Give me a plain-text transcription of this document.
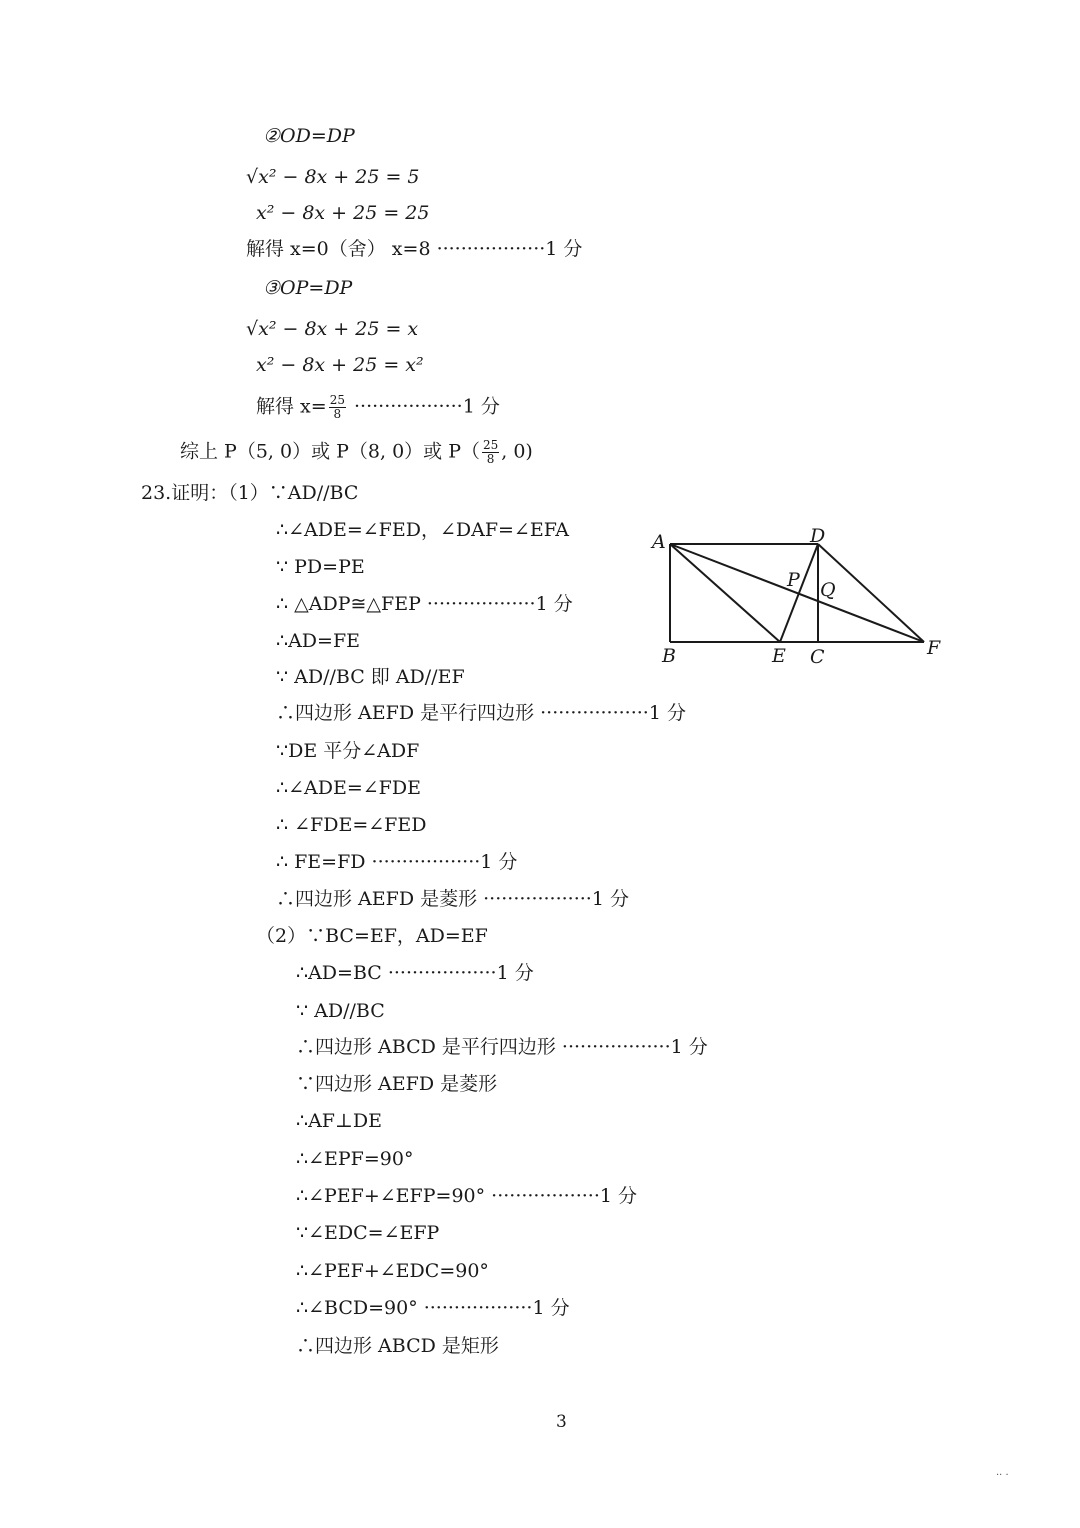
②OD=DP
√x² − 8x + 25 = 5
x² − 8x + 25 = 25
解得 x=0（舍） x=8 ··················1 分
③OP=DP
√x² − 8x + 25 = x
x² − 8x + 25 = x²
解得 $x= \frac{25}{8} \cdot\cdot\cdot\cdot\cdot\cdot\cdot\cdot\cdot\cdot\cdot\cdot\cdot\cdot\cdot\cdot\cdot\cdot 1$ 分
综上 P（5, 0）或 P（8, 0）或 $P( \frac{25}{8}$ , 0)
23.证明：（1）∵AD//BC
∴∠ADE=∠FED，∠DAF=∠EFA
∵ PD=PE
∴ △ADP≅△FEP ··················1 分
∴AD=FE
∵ AD//BC 即 AD//EF
∴四边形 AEFD 是平行四边形 ··················1 分
∵DE 平分∠ADF
∴∠ADE=∠FDE
∴ ∠FDE=∠FED
∴ FE=FD ··················1 分
∴四边形 AEFD 是菱形 ··················1 分
（2）∵BC=EF，AD=EF
∴AD=BC ··················1 分
∵ AD//BC
∴四边形 ABCD 是平行四边形 ··················1 分
∵四边形 AEFD 是菱形
∴AF⊥DE
∴∠EPF=90°
∴∠PEF+∠EFP=90° ··················1 分
∵∠EDC=∠EFP
∴∠PEF+∠EDC=90°
∴∠BCD=90° ··················1 分
∴四边形 ABCD 是矩形
A	D
B	E C	F
P Q
3
·· ·
